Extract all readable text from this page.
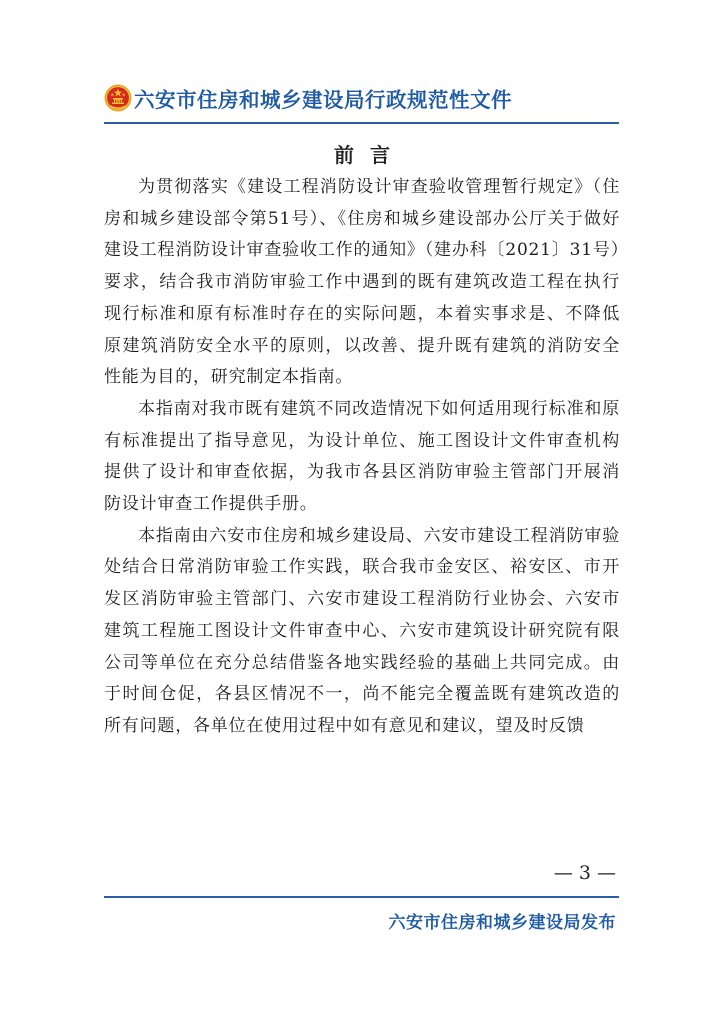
六安市住房和城乡建设局行政规范性文件
前言

为贯彻落实《建设工程消防设计审查验收管理暂行规定》（住房和城乡建设部令第51号）、《住房和城乡建设部办公厅关于做好建设工程消防设计审查验收工作的通知》（建办科〔2021〕31号）要求，结合我市消防审验工作中遇到的既有建筑改造工程在执行现行标准和原有标准时存在的实际问题，本着实事求是、不降低原建筑消防安全水平的原则，以改善、提升既有建筑的消防安全性能为目的，研究制定本指南。

本指南对我市既有建筑不同改造情况下如何适用现行标准和原有标准提出了指导意见，为设计单位、施工图设计文件审查机构提供了设计和审查依据，为我市各县区消防审验主管部门开展消防设计审查工作提供手册。

本指南由六安市住房和城乡建设局、六安市建设工程消防审验处结合日常消防审验工作实践，联合我市金安区、裕安区、市开发区消防审验主管部门、六安市建设工程消防行业协会、六安市建筑工程施工图设计文件审查中心、六安市建筑设计研究院有限公司等单位在充分总结借鉴各地实践经验的基础上共同完成。由于时间仓促，各县区情况不一，尚不能完全覆盖既有建筑改造的所有问题，各单位在使用过程中如有意见和建议，望及时反馈

— 3 —
六安市住房和城乡建设局发布
